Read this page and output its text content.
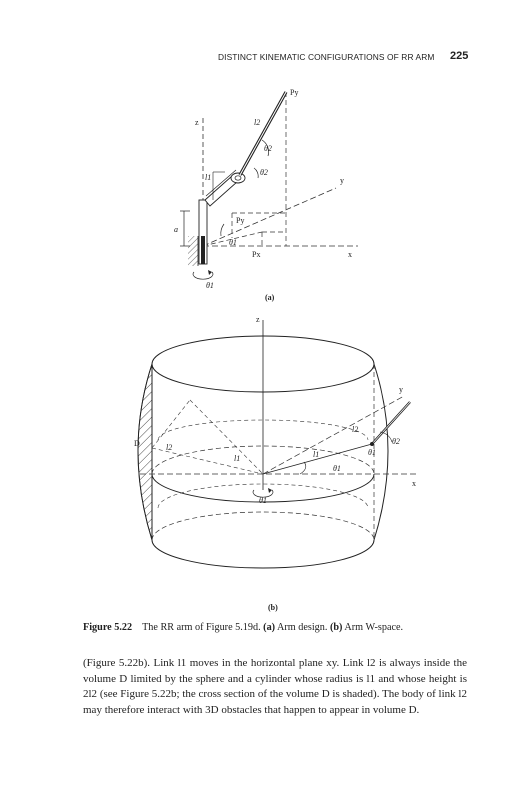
DISTINCT KINEMATIC CONFIGURATIONS OF RR ARM 225
z
y
x
Py
Py
Px
l1
l2
θ2
θ2
θ1
θ1
a
(a)
z
y
x
D	l2
l1	l1
l2
θ1
θ1
θ2
θ1
(b)
Figure 5.22 The RR arm of Figure 5.19d. (a) Arm design. (b) Arm W-space.

(Figure 5.22b). Link l1 moves in the horizontal plane xy. Link l2 is always inside the volume D limited by the sphere and a cylinder whose radius is l1 and whose height is 2l2 (see Figure 5.22b; the cross section of the volume D is shaded). The body of link l2 may therefore interact with 3D obstacles that happen to appear in volume D.
